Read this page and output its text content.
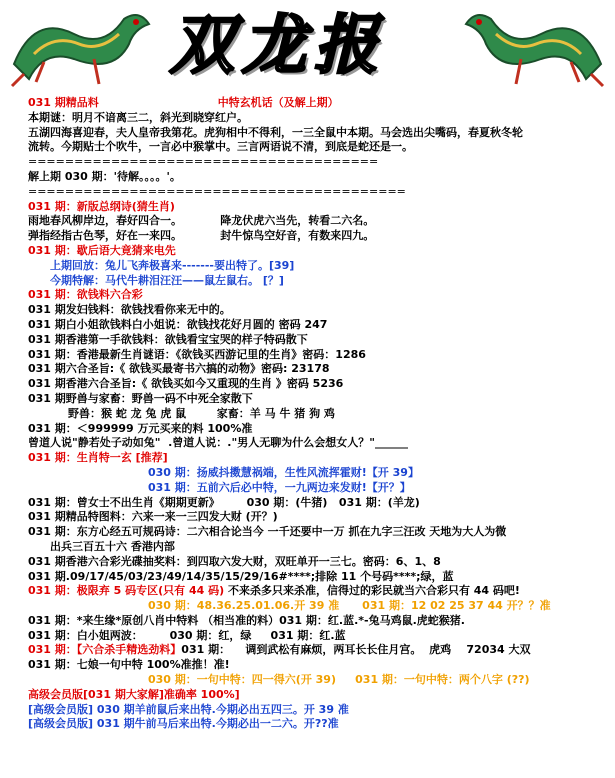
双龙报
031 期精品料	中特玄机话（及解上期）
本期谜：明月不谙离三二，斜光到晓穿红户。
五湖四海喜迎春，夫人皇帝我第花。虎狗相中不得利，一三全鼠中本期。马会选出尖嘴码，春夏秋冬轮
流转。今期贴士个吹牛，一言必中猴掌中。三言两语说不清，到底是蛇还是一。
======================================
解上期 030 期：'待解。。。。'。
=========================================
031 期：新版总纲诗(猜生肖)
雨地春风柳岸边，春好四合一。          降龙伏虎六当先，转看二六名。
弹指经指古色琴，好在一来四。          封牛惊鸟空好音，有数来四九。
031 期：歇后语大竟猜来电先
上期回放：兔儿飞奔极喜来-------要出特了。[39]
今期特解：马代牛耕泪汪汪——鼠左鼠右。 [？]
031 期：欲钱料六合彩
031 期发妇钱料：欲钱找看你来无中的。
031 期白小姐欲钱料白小姐说：欲钱找花好月圆的 密码 247
031 期香港第一手欲钱料：欲钱看宝宝哭的样子特码散下
031 期：香港最新生肖谜语：《欲钱买西游记里的生肖》密码：1286
031 期六合圣旨:《 欲钱买最寄书六搞的动物》密码: 23178
031 期香港六合圣旨:《 欲钱买如今又重现的生肖 》密码 5236
031 期野兽与家畜：野兽一码不中死全家散下
野兽：猴 蛇 龙 兔 虎 鼠        家畜：羊 马 牛 猪 狗 鸡
031 期：＜999999 万元买来的料 100%准
曾道人说"静若处子动如兔"  .曾道人说：."男人无聊为什么会想女人？"______
031 期：生肖特一玄 [推荐]
030 期：扬威抖擞慧祸端，生性风流挥霍财!【开 39】
031 期：五前六后必中特，一九两边来发财!【开？】
031 期：曾女士不出生肖《期期更新》       030 期：(牛猪)   031 期：(羊龙)
031 期精品特图料：六来一来一三四发大财 (开？)
031 期：东方心经五可规码诗：二六相合论当今 一千还要中一万 抓在九字三汪改 天地为大人为微
出兵三百五十六 香港内部
031 期香港六合彩光碟抽奖料：到四取六发大财，双旺单开一三七。密码：6、1、8
031 期.09/17/45/03/23/49/14/35/15/29/16#****;排除 11 个号码****;绿，蓝
031 期：极限弃 5 码专区(只有 44 码) 不来杀多只来杀准，信得过的彩民就当六合彩只有 44 码吧!
030 期：48.36.25.01.06.开 39 准      031 期：12 02 25 37 44 开？？准
031 期：*来生缘*原创八肖中特料 （相当准的料）031 期：红.蓝.*-兔马鸡鼠.虎蛇猴猪.
031 期：白小姐两波：       030 期：红，绿     031 期：红.蓝
031 期：【六合杀手精选劲料】031 期：    调到武松有麻烦，两耳长长住月宫。  虎鸡    72034 大双
031 期：七娘一句中特 100%准推！准!
030 期：一句中特：四一得六(开 39)     031 期：一句中特：两个八字 (??)
高级会员版[031 期大家解]准确率 100%]
[高级会员版] 030 期羊前鼠后来出特.今期必出五四三。开 39 准
[高级会员版] 031 期牛前马后来出特.今期必出一二六。开??准
